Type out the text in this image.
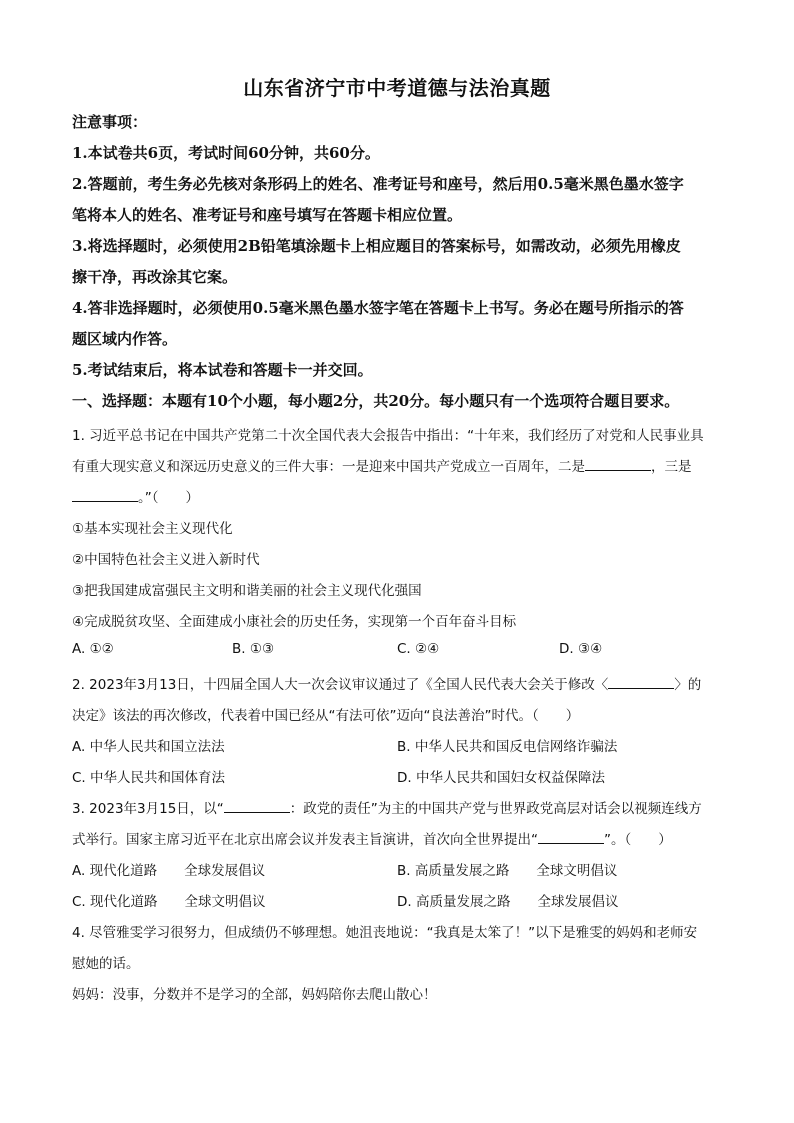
山东省济宁市中考道德与法治真题
注意事项：
1.本试卷共6页，考试时间60分钟，共60分。
2.答题前，考生务必先核对条形码上的姓名、准考证号和座号，然后用0.5毫米黑色墨水签字
笔将本人的姓名、准考证号和座号填写在答题卡相应位置。
3.将选择题时，必须使用2B铅笔填涂题卡上相应题目的答案标号，如需改动，必须先用橡皮
擦干净，再改涂其它案。
4.答非选择题时，必须使用0.5毫米黑色墨水签字笔在答题卡上书写。务必在题号所指示的答
题区域内作答。
5.考试结束后，将本试卷和答题卡一并交回。
一、选择题：本题有10个小题，每小题2分，共20分。每小题只有一个选项符合题目要求。
1. 习近平总书记在中国共产党第二十次全国代表大会报告中指出：“十年来，我们经历了对党和人民事业具
有重大现实意义和深远历史意义的三件大事：一是迎来中国共产党成立一百周年，二是	，三是
。”（　　）
①基本实现社会主义现代化
②中国特色社会主义进入新时代
③把我国建成富强民主文明和谐美丽的社会主义现代化强国
④完成脱贫攻坚、全面建成小康社会的历史任务，实现第一个百年奋斗目标
A. ①②	B. ①③	C. ②④	D. ③④
2. 2023年3月13日，十四届全国人大一次会议审议通过了《全国人民代表大会关于修改〈	〉的
决定》该法的再次修改，代表着中国已经从“有法可依”迈向“良法善治”时代。（　　）
A. 中华人民共和国立法法	B. 中华人民共和国反电信网络诈骗法
C. 中华人民共和国体育法	D. 中华人民共和国妇女权益保障法
3. 2023年3月15日，以“	：政党的责任”为主的中国共产党与世界政党高层对话会以视频连线方
式举行。国家主席习近平在北京出席会议并发表主旨演讲，首次向全世界提出“	”。（　　）
A. 现代化道路　　全球发展倡议	B. 高质量发展之路　　全球文明倡议
C. 现代化道路　　全球文明倡议	D. 高质量发展之路　　全球发展倡议
4. 尽管雅雯学习很努力，但成绩仍不够理想。她沮丧地说：“我真是太笨了！”以下是雅雯的妈妈和老师安
慰她的话。
妈妈：没事，分数并不是学习的全部，妈妈陪你去爬山散心！
